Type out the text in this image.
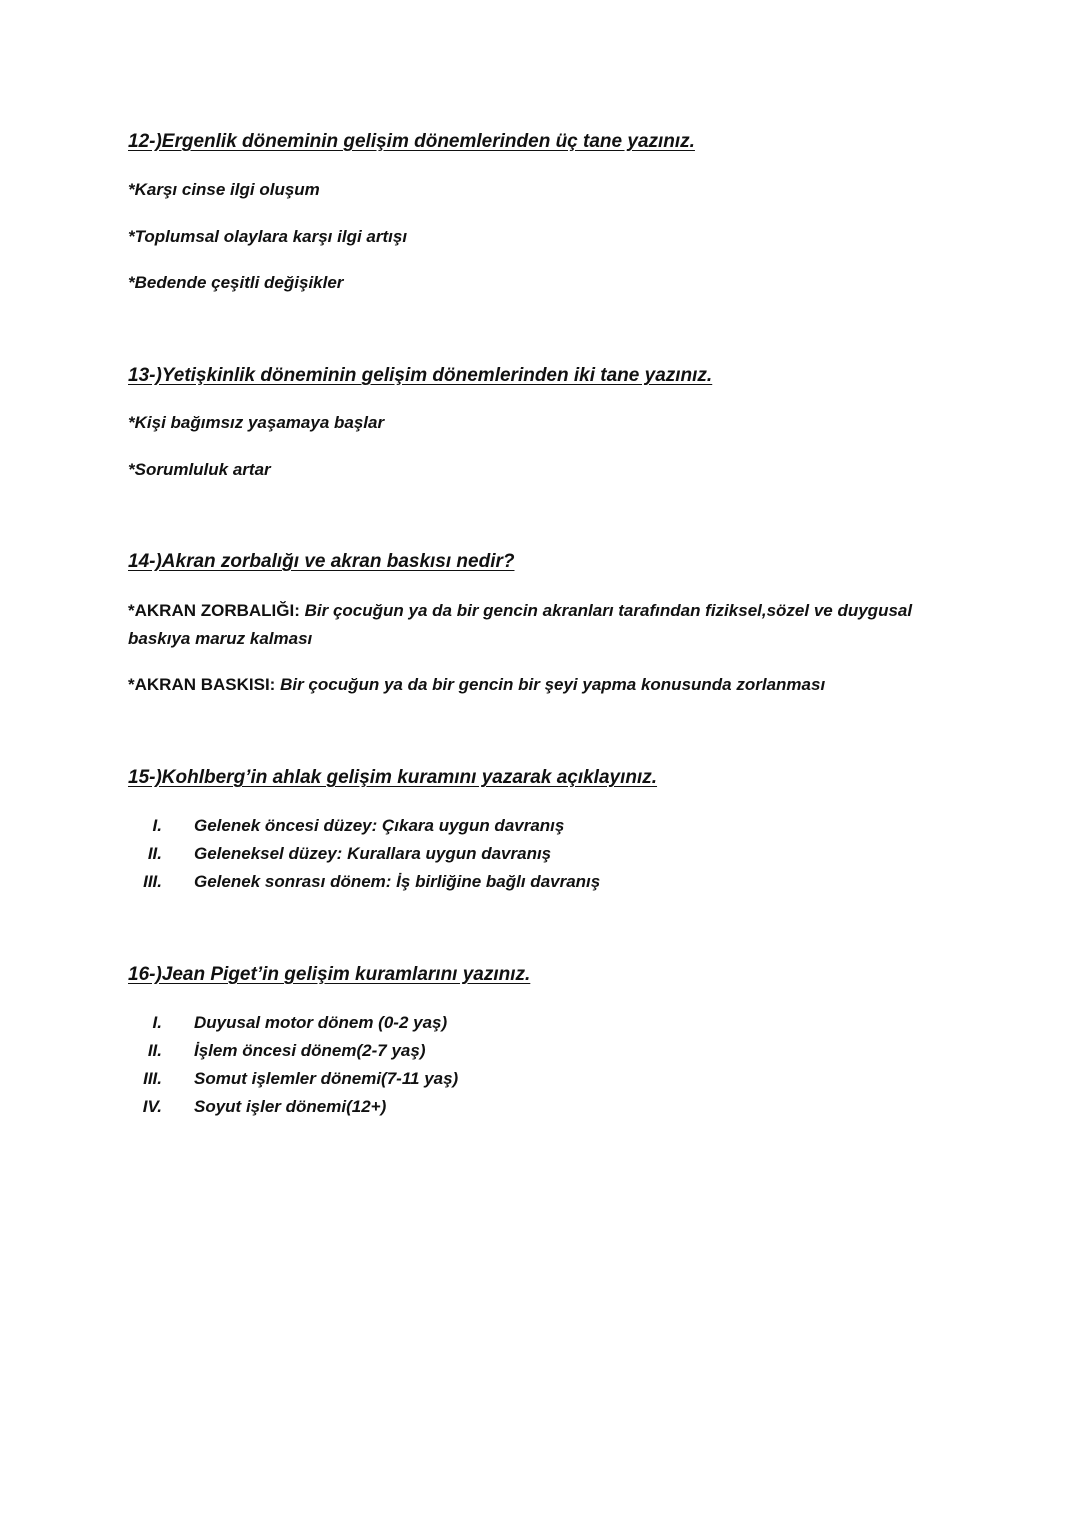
12-)Ergenlik döneminin gelişim dönemlerinden üç tane yazınız.

*Karşı cinse ilgi oluşum

*Toplumsal olaylara karşı ilgi artışı

*Bedende çeşitli değişikler

13-)Yetişkinlik döneminin gelişim dönemlerinden iki tane yazınız.

*Kişi bağımsız yaşamaya başlar

*Sorumluluk artar

14-)Akran zorbalığı ve akran baskısı nedir?

*AKRAN ZORBALIĞI: Bir çocuğun ya da bir gencin akranları tarafından fiziksel,sözel ve duygusal baskıya maruz kalması

*AKRAN BASKISI: Bir çocuğun ya da bir gencin bir şeyi yapma konusunda zorlanması

15-)Kohlberg’in ahlak gelişim kuramını yazarak açıklayınız.
I. Gelenek öncesi düzey: Çıkara uygun davranış
II. Geleneksel düzey: Kurallara uygun davranış
III. Gelenek sonrası dönem: İş birliğine bağlı davranış
16-)Jean Piget’in gelişim kuramlarını yazınız.
I. Duyusal motor dönem (0-2 yaş)
II. İşlem öncesi dönem(2-7 yaş)
III. Somut işlemler dönemi(7-11 yaş)
IV. Soyut işler dönemi(12+)
